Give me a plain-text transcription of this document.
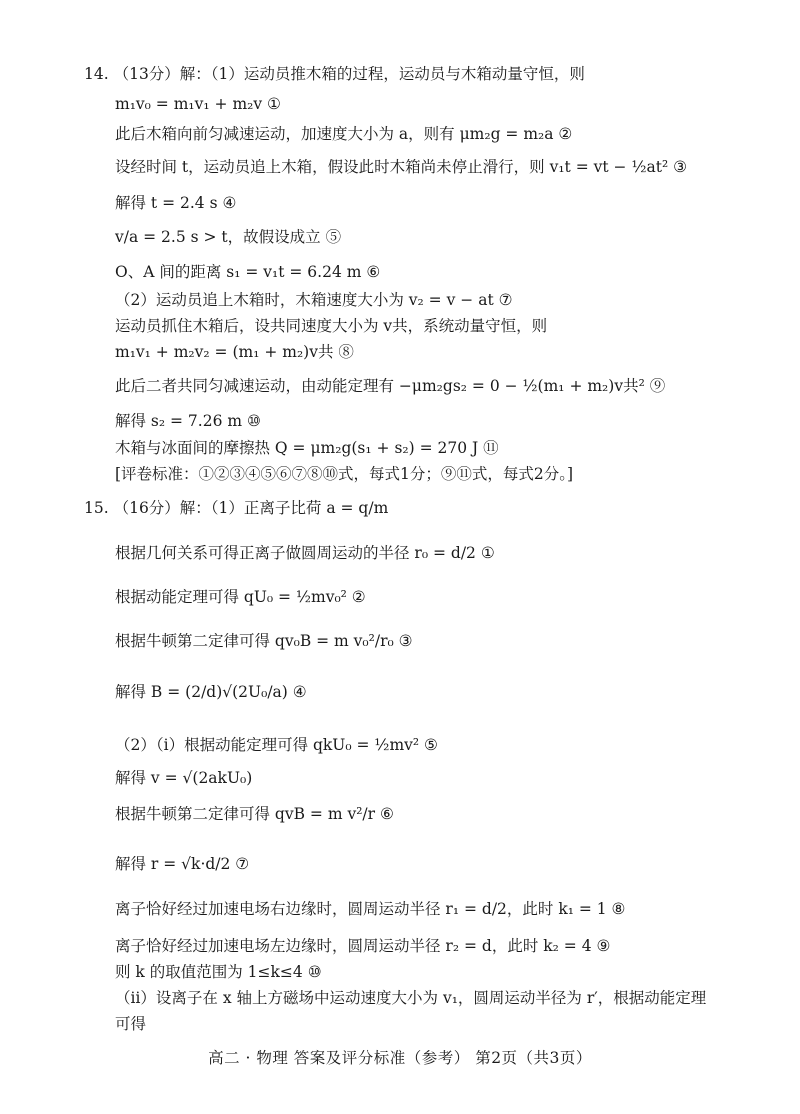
14. （13分）解：（1）运动员推木箱的过程，运动员与木箱动量守恒，则
m₁v₀ = m₁v₁ + m₂v ①
此后木箱向前匀减速运动，加速度大小为 a，则有 μm₂g = m₂a ②
设经时间 t，运动员追上木箱，假设此时木箱尚未停止滑行，则 v₁t = vt − ½at² ③
解得 t = 2.4 s ④
v/a = 2.5 s > t，故假设成立 ⑤
O、A 间的距离 s₁ = v₁t = 6.24 m ⑥
（2）运动员追上木箱时，木箱速度大小为 v₂ = v − at ⑦
运动员抓住木箱后，设共同速度大小为 v共，系统动量守恒，则
m₁v₁ + m₂v₂ = (m₁ + m₂)v共 ⑧
此后二者共同匀减速运动，由动能定理有 −μm₂gs₂ = 0 − ½(m₁ + m₂)v共² ⑨
解得 s₂ = 7.26 m ⑩
木箱与冰面间的摩擦热 Q = μm₂g(s₁ + s₂) = 270 J ⑪
[评卷标准：①②③④⑤⑥⑦⑧⑩式，每式1分；⑨⑪式，每式2分。]
15. （16分）解：（1）正离子比荷 a = q/m
根据几何关系可得正离子做圆周运动的半径 r₀ = d/2 ①
根据动能定理可得 qU₀ = ½mv₀² ②
根据牛顿第二定律可得 qv₀B = m v₀²/r₀ ③
解得 B = (2/d)√(2U₀/a) ④
（2）（ⅰ）根据动能定理可得 qkU₀ = ½mv² ⑤
解得 v = √(2akU₀)
根据牛顿第二定律可得 qvB = m v²/r ⑥
解得 r = √k·d/2 ⑦
离子恰好经过加速电场右边缘时，圆周运动半径 r₁ = d/2，此时 k₁ = 1 ⑧
离子恰好经过加速电场左边缘时，圆周运动半径 r₂ = d，此时 k₂ = 4 ⑨
则 k 的取值范围为 1≤k≤4 ⑩
（ⅱ）设离子在 x 轴上方磁场中运动速度大小为 v₁，圆周运动半径为 r′，根据动能定理
可得
高二 · 物理 答案及评分标准（参考） 第2页（共3页）
